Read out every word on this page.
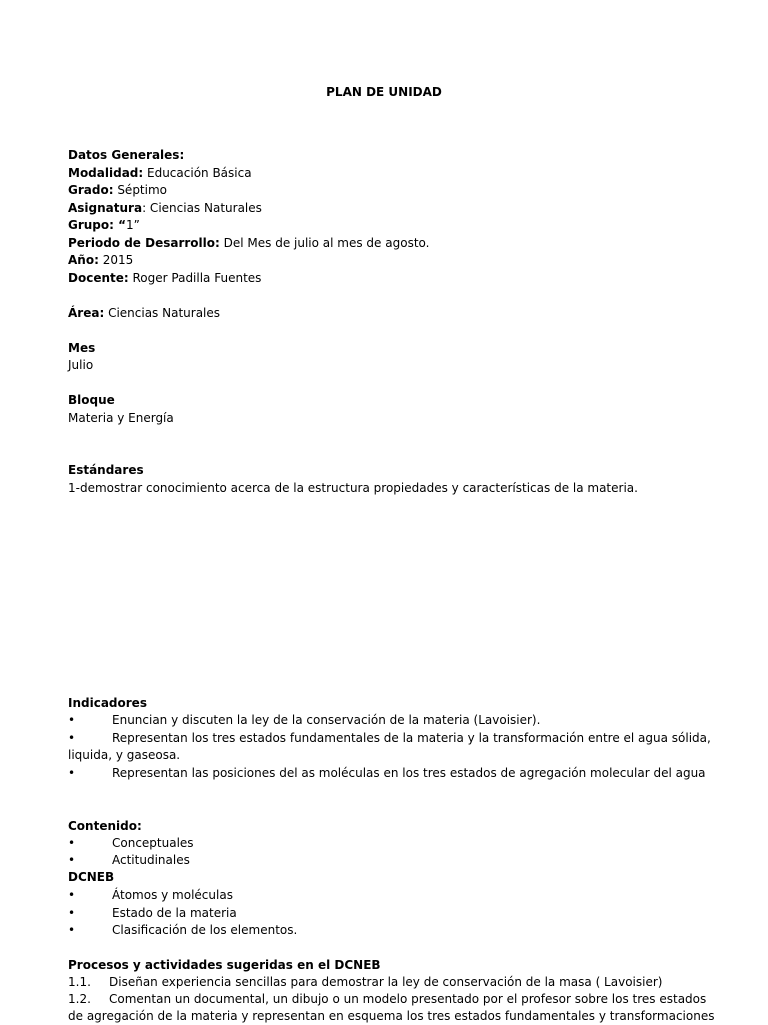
PLAN DE UNIDAD
Datos Generales:
Modalidad: Educación Básica
Grado: Séptimo
Asignatura: Ciencias Naturales
Grupo: “1”
Periodo de Desarrollo: Del Mes de julio al mes de agosto.
Año: 2015
Docente: Roger Padilla Fuentes
Área: Ciencias Naturales
Mes
Julio
Bloque
Materia y Energía
Estándares
1-demostrar conocimiento acerca de la estructura propiedades y características de la materia.
Indicadores
•	Enuncian y discuten la ley de la conservación de la materia (Lavoisier).
•	Representan los tres estados fundamentales de la materia y la transformación entre el agua sólida,
liquida, y gaseosa.
•	Representan las posiciones del as moléculas en los tres estados de agregación molecular del agua
Contenido:
•	Conceptuales
•	Actitudinales
DCNEB
•	Átomos y moléculas
•	Estado de la materia
•	Clasificación de los elementos.
Procesos y actividades sugeridas en el DCNEB
1.1. Diseñan experiencia sencillas para demostrar la ley de conservación de la masa ( Lavoisier)
1.2. Comentan un documental, un dibujo o un modelo presentado por el profesor sobre los tres estados
de agregación de la materia y representan en esquema los tres estados fundamentales y transformaciones
